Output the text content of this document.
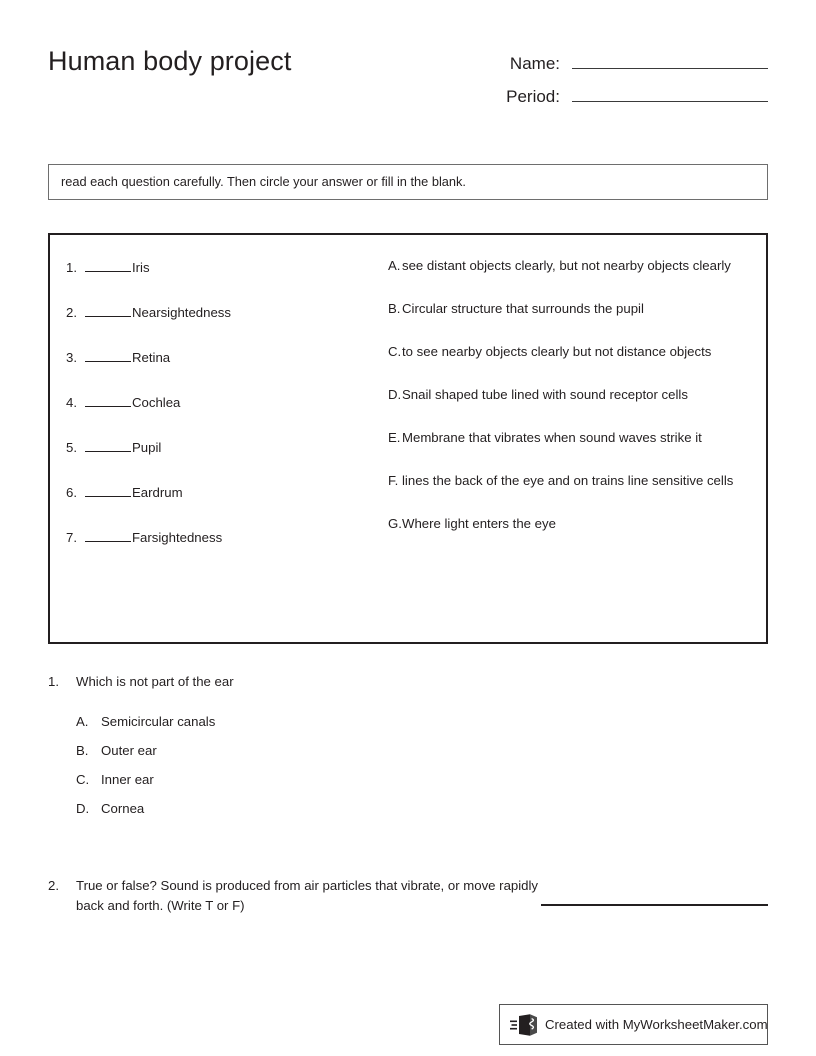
Human body project	Name:
Period:
read each question carefully. Then circle your answer or fill in the blank.
1.	Iris
2.	Nearsightedness
3.	Retina
4.	Cochlea
5.	Pupil
6.	Eardrum
7.	Farsightedness
A. see distant objects clearly, but not nearby objects clearly
B. Circular structure that surrounds the pupil
C. to see nearby objects clearly but not distance objects
D. Snail shaped tube lined with sound receptor cells
E. Membrane that vibrates when sound waves strike it
F. lines the back of the eye and on trains line sensitive cells
G. Where light enters the eye
1.	Which is not part of the ear
A. Semicircular canals
B. Outer ear
C. Inner ear
D. Cornea
2.	True or false? Sound is produced from air particles that vibrate, or move rapidly back and forth. (Write T or F)
Created with MyWorksheetMaker.com
